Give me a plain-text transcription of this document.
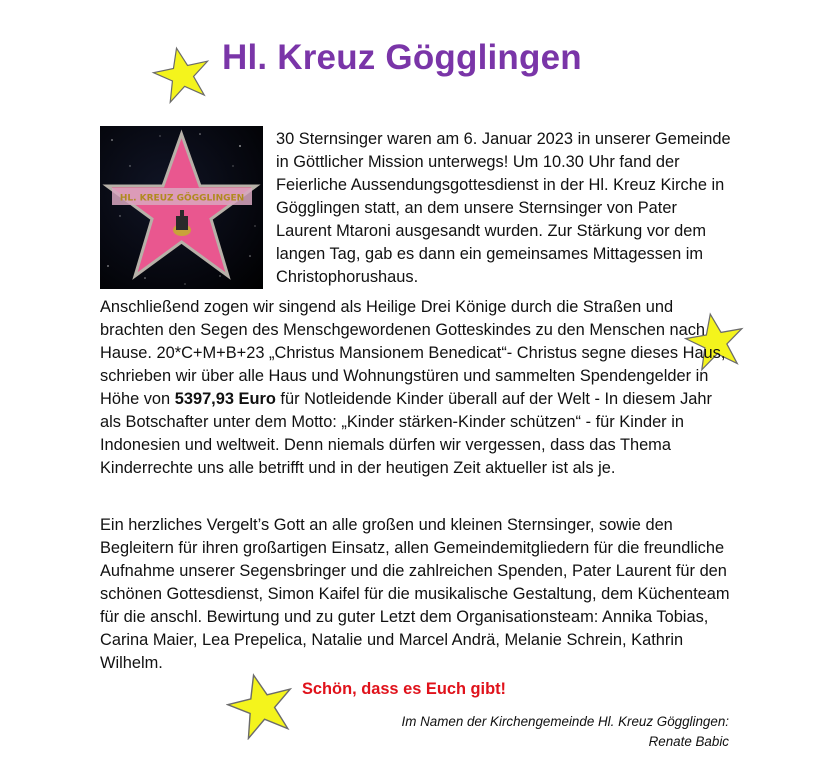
Hl. Kreuz Gögglingen
HL. KREUZ GÖGGLINGEN

30 Sternsinger waren am 6. Januar 2023 in unserer Gemeinde in Göttlicher Mission unterwegs! Um 10.30 Uhr fand der Feierliche Aussendungsgottesdienst in der Hl. Kreuz Kirche in Gögglingen statt, an dem unsere Sternsinger von Pater Laurent Mtaroni ausgesandt wurden. Zur Stärkung vor dem langen Tag, gab es dann ein gemeinsames Mittagessen im Christophorushaus.

Anschließend zogen wir singend als Heilige Drei Könige durch die Straßen und brachten den Segen des Menschgewordenen Gotteskindes zu den Menschen nach Hause. 20*C+M+B+23 „Christus Mansionem Benedicat“- Christus segne dieses Haus, schrieben wir über alle Haus und Wohnungstüren und sammelten Spendengelder in Höhe von 5397,93 Euro für Notleidende Kinder überall auf der Welt - In diesem Jahr als Botschafter unter dem Motto: „Kinder stärken-Kinder schützen“ - für Kinder in Indonesien und weltweit. Denn niemals dürfen wir vergessen, dass das Thema Kinderrechte uns alle betrifft und in der heutigen Zeit aktueller ist als je.

Ein herzliches Vergelt’s Gott an alle großen und kleinen Sternsinger, sowie den Begleitern für ihren großartigen Einsatz, allen Gemeindemitgliedern für die freundliche Aufnahme unserer Segensbringer und die zahlreichen Spenden, Pater Laurent für den schönen Gottesdienst, Simon Kaifel für die musikalische Gestaltung, dem Küchenteam für die anschl. Bewirtung und zu guter Letzt dem Organisationsteam: Annika Tobias, Carina Maier, Lea Prepelica, Natalie und Marcel Andrä, Melanie Schrein, Kathrin Wilhelm.

Schön, dass es Euch gibt!

Im Namen der Kirchengemeinde Hl. Kreuz Gögglingen:
Renate Babic
